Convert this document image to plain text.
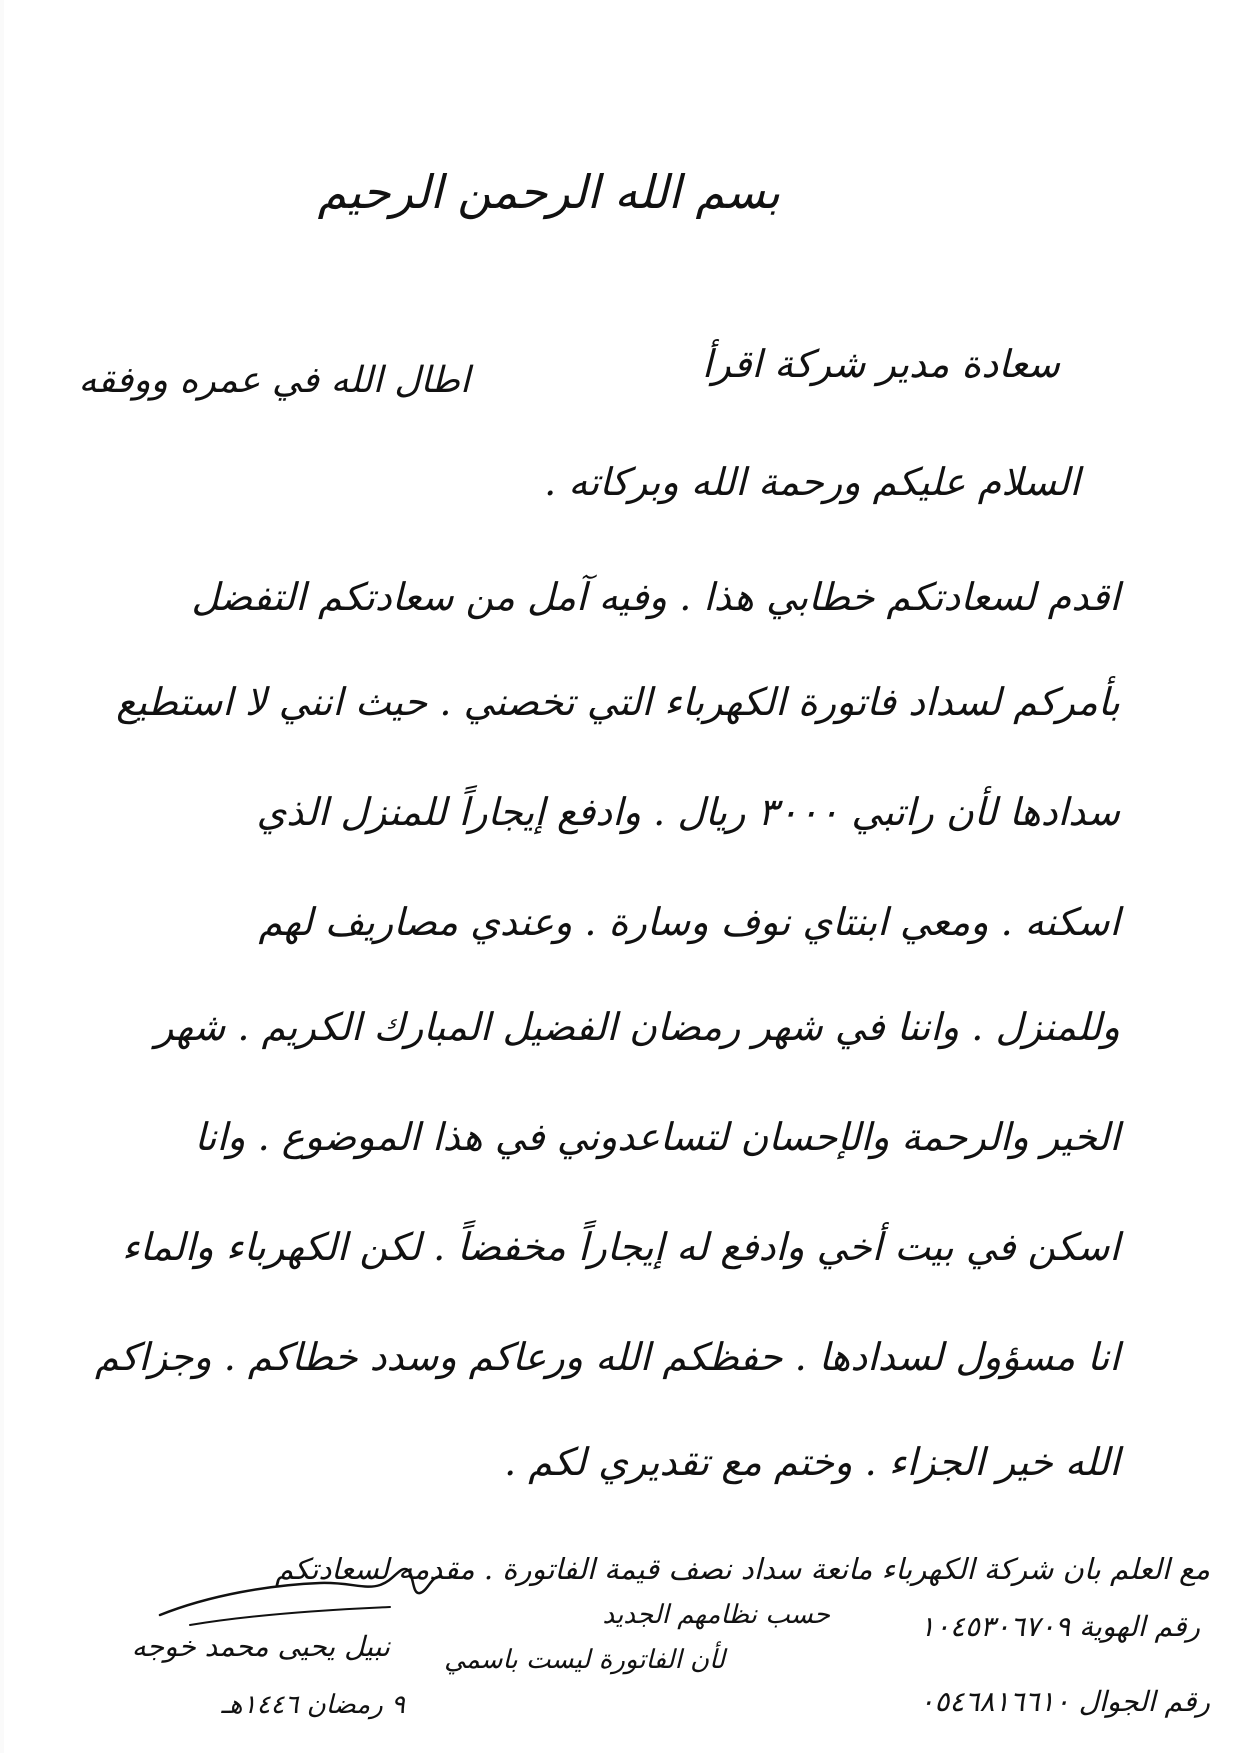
بسم الله الرحمن الرحيم
سعادة مدير شركة اقرأ
اطال الله في عمره ووفقه
السلام عليكم ورحمة الله وبركاته .
اقدم لسعادتكم خطابي هذا . وفيه آمل من سعادتكم التفضل
بأمركم لسداد فاتورة الكهرباء التي تخصني . حيث انني لا استطيع
سدادها لأن راتبي ٣٠٠٠ ريال . وادفع إيجاراً للمنزل الذي
اسكنه . ومعي ابنتاي نوف وسارة . وعندي مصاريف لهم
وللمنزل . واننا في شهر رمضان الفضيل المبارك الكريم . شهر
الخير والرحمة والإحسان لتساعدوني في هذا الموضوع . وانا
اسكن في بيت أخي وادفع له إيجاراً مخفضاً . لكن الكهرباء والماء
انا مسؤول لسدادها . حفظكم الله ورعاكم وسدد خطاكم . وجزاكم
الله خير الجزاء . وختم مع تقديري لكم .
مع العلم بان شركة الكهرباء مانعة سداد نصف قيمة الفاتورة . مقدمه لسعادتكم
حسب نظامهم الجديد	رقم الهوية ١٠٤٥٣٠٦٧٠٩
لأن الفاتورة ليست باسمي
رقم الجوال ٠٥٤٦٨١٦٦١٠
نبيل يحيى محمد خوجه
٩ رمضان ١٤٤٦هـ
